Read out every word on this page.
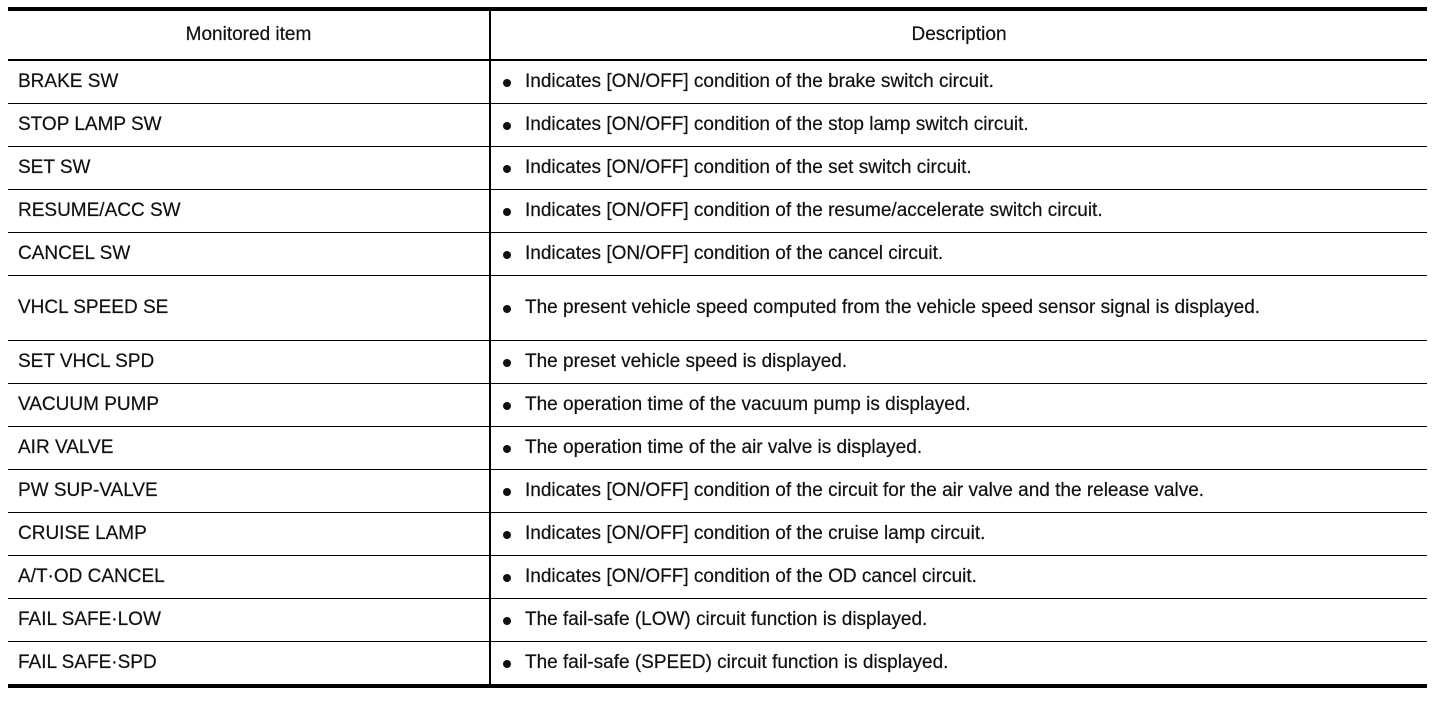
Monitored item	Description
BRAKE SW	Indicates [ON/OFF] condition of the brake switch circuit.

STOP LAMP SW	Indicates [ON/OFF] condition of the stop lamp switch circuit.

SET SW	Indicates [ON/OFF] condition of the set switch circuit.

RESUME/ACC SW	Indicates [ON/OFF] condition of the resume/accelerate switch circuit.

CANCEL SW	Indicates [ON/OFF] condition of the cancel circuit.

VHCL SPEED SE	The present vehicle speed computed from the vehicle speed sensor signal is displayed.

SET VHCL SPD	The preset vehicle speed is displayed.

VACUUM PUMP	The operation time of the vacuum pump is displayed.

AIR VALVE	The operation time of the air valve is displayed.

PW SUP-VALVE	Indicates [ON/OFF] condition of the circuit for the air valve and the release valve.

CRUISE LAMP	Indicates [ON/OFF] condition of the cruise lamp circuit.

A/T·OD CANCEL	Indicates [ON/OFF] condition of the OD cancel circuit.

FAIL SAFE·LOW	The fail-safe (LOW) circuit function is displayed.

FAIL SAFE·SPD	The fail-safe (SPEED) circuit function is displayed.
